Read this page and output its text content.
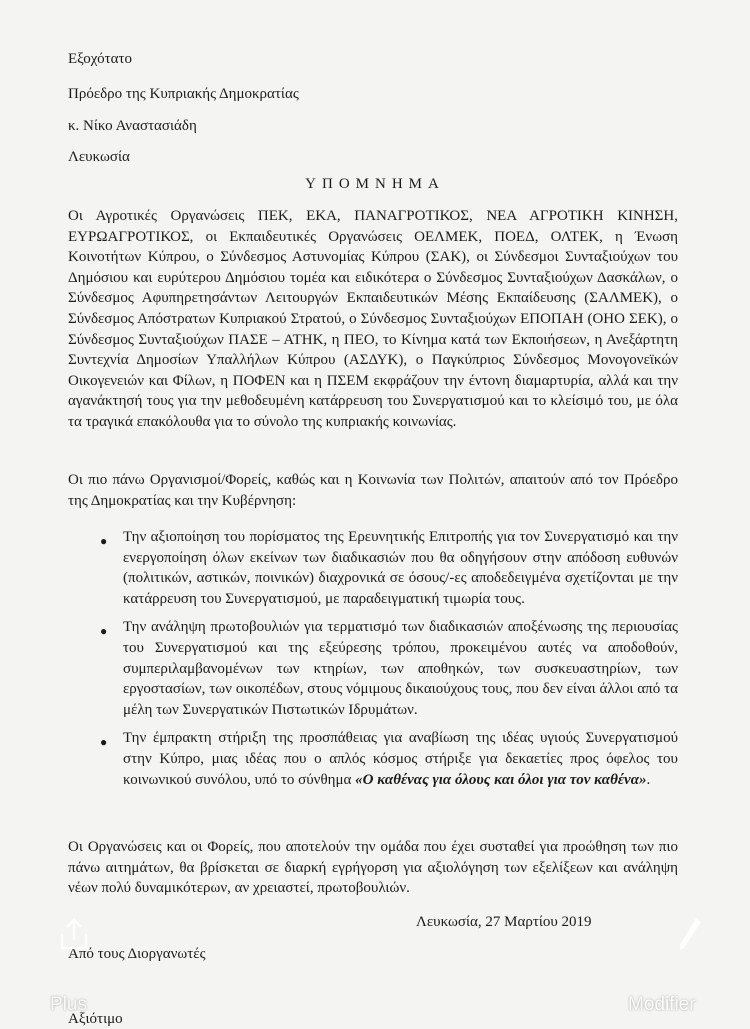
Εξοχότατο
Πρόεδρο της Κυπριακής Δημοκρατίας
κ. Νίκο Αναστασιάδη
Λευκωσία
ΥΠΟΜΝΗΜΑ
Οι Αγροτικές Οργανώσεις ΠΕΚ, ΕΚΑ, ΠΑΝΑΓΡΟΤΙΚΟΣ, ΝΕΑ ΑΓΡΟΤΙΚΗ ΚΙΝΗΣΗ, ΕΥΡΩΑΓΡΟΤΙΚΟΣ, οι Εκπαιδευτικές Οργανώσεις ΟΕΛΜΕΚ, ΠΟΕΔ, ΟΛΤΕΚ, η Ένωση Κοινοτήτων Κύπρου, ο Σύνδεσμος Αστυνομίας Κύπρου (ΣΑΚ), οι Σύνδεσμοι Συνταξιούχων του Δημόσιου και ευρύτερου Δημόσιου τομέα και ειδικότερα ο Σύνδεσμος Συνταξιούχων Δασκάλων, ο Σύνδεσμος Αφυπηρετησάντων Λειτουργών Εκπαιδευτικών Μέσης Εκπαίδευσης (ΣΑΛΜΕΚ), ο Σύνδεσμος Απόστρατων Κυπριακού Στρατού, ο Σύνδεσμος Συνταξιούχων ΕΠΟΠΑΗ (ΟΗΟ ΣΕΚ), ο Σύνδεσμος Συνταξιούχων ΠΑΣΕ – ΑΤΗΚ, η ΠΕΟ, το Κίνημα κατά των Εκποιήσεων, η Ανεξάρτητη Συντεχνία Δημοσίων Υπαλλήλων Κύπρου (ΑΣΔΥΚ), ο Παγκύπριος Σύνδεσμος Μονογονεϊκών Οικογενειών και Φίλων, η ΠΟΦΕΝ και η ΠΣΕΜ εκφράζουν την έντονη διαμαρτυρία, αλλά και την αγανάκτησή τους για την μεθοδευμένη κατάρρευση του Συνεργατισμού και το κλείσιμό του, με όλα τα τραγικά επακόλουθα για το σύνολο της κυπριακής κοινωνίας.
Οι πιο πάνω Οργανισμοί/Φορείς, καθώς και η Κοινωνία των Πολιτών, απαιτούν από τον Πρόεδρο της Δημοκρατίας και την Κυβέρνηση:
● Την αξιοποίηση του πορίσματος της Ερευνητικής Επιτροπής για τον Συνεργατισμό και την ενεργοποίηση όλων εκείνων των διαδικασιών που θα οδηγήσουν στην απόδοση ευθυνών (πολιτικών, αστικών, ποινικών) διαχρονικά σε όσους/-ες αποδεδειγμένα σχετίζονται με την κατάρρευση του Συνεργατισμού, με παραδειγματική τιμωρία τους.
● Την ανάληψη πρωτοβουλιών για τερματισμό των διαδικασιών αποξένωσης της περιουσίας του Συνεργατισμού και της εξεύρεσης τρόπου, προκειμένου αυτές να αποδοθούν, συμπεριλαμβανομένων των κτηρίων, των αποθηκών, των συσκευαστηρίων, των εργοστασίων, των οικοπέδων, στους νόμιμους δικαιούχους τους, που δεν είναι άλλοι από τα μέλη των Συνεργατικών Πιστωτικών Ιδρυμάτων.
● Την έμπρακτη στήριξη της προσπάθειας για αναβίωση της ιδέας υγιούς Συνεργατισμού στην Κύπρο, μιας ιδέας που ο απλός κόσμος στήριξε για δεκαετίες προς όφελος του κοινωνικού συνόλου, υπό το σύνθημα «Ο καθένας για όλους και όλοι για τον καθένα».
Οι Οργανώσεις και οι Φορείς, που αποτελούν την ομάδα που έχει συσταθεί για προώθηση των πιο πάνω αιτημάτων, θα βρίσκεται σε διαρκή εγρήγορση για αξιολόγηση των εξελίξεων και ανάληψη νέων πολύ δυναμικότερων, αν χρειαστεί, πρωτοβουλιών.
Λευκωσία, 27 Μαρτίου 2019
Από τους Διοργανωτές
Αξιότιμο
Plus	Modifier
